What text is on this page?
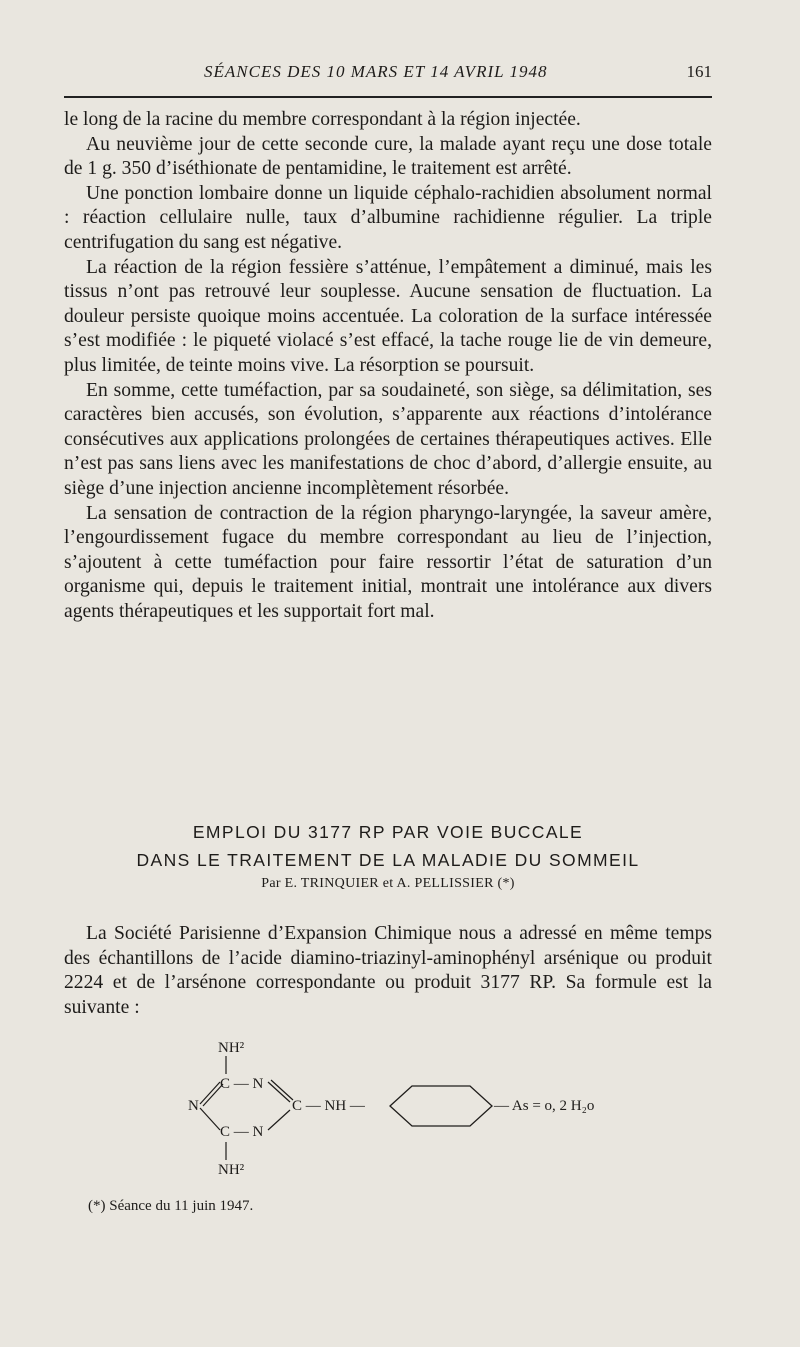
SÉANCES DES 10 MARS ET 14 AVRIL 1948	161

le long de la racine du membre correspondant à la région injectée.

Au neuvième jour de cette seconde cure, la malade ayant reçu une dose totale de 1 g. 350 d’iséthionate de pentamidine, le traitement est arrêté.

Une ponction lombaire donne un liquide céphalo-rachidien absolument normal : réaction cellulaire nulle, taux d’albumine rachidienne régulier. La triple centrifugation du sang est négative.

La réaction de la région fessière s’atténue, l’empâtement a diminué, mais les tissus n’ont pas retrouvé leur souplesse. Aucune sensation de fluctuation. La douleur persiste quoique moins accentuée. La coloration de la surface intéressée s’est modifiée : le piqueté violacé s’est effacé, la tache rouge lie de vin demeure, plus limitée, de teinte moins vive. La résorption se poursuit.

En somme, cette tuméfaction, par sa soudaineté, son siège, sa délimitation, ses caractères bien accusés, son évolution, s’apparente aux réactions d’intolérance consécutives aux applications prolongées de certaines thérapeutiques actives. Elle n’est pas sans liens avec les manifestations de choc d’abord, d’allergie ensuite, au siège d’une injection ancienne incomplètement résorbée.

La sensation de contraction de la région pharyngo-laryngée, la saveur amère, l’engourdissement fugace du membre correspondant au lieu de l’injection, s’ajoutent à cette tuméfaction pour faire ressortir l’état de saturation d’un organisme qui, depuis le traitement initial, montrait une intolérance aux divers agents thérapeutiques et les supportait fort mal.

EMPLOI DU 3177 RP PAR VOIE BUCCALE
DANS LE TRAITEMENT DE LA MALADIE DU SOMMEIL
Par E. TRINQUIER et A. PELLISSIER (*)

La Société Parisienne d’Expansion Chimique nous a adressé en même temps des échantillons de l’acide diamino-triazinyl-aminophényl arsénique ou produit 2224 et de l’arsénone correspondante ou produit 3177 RP. Sa formule est la suivante :

NH²
C — N
N	C — NH —	— As = o, 2 H₂o
C — N
NH²
(*) Séance du 11 juin 1947.
